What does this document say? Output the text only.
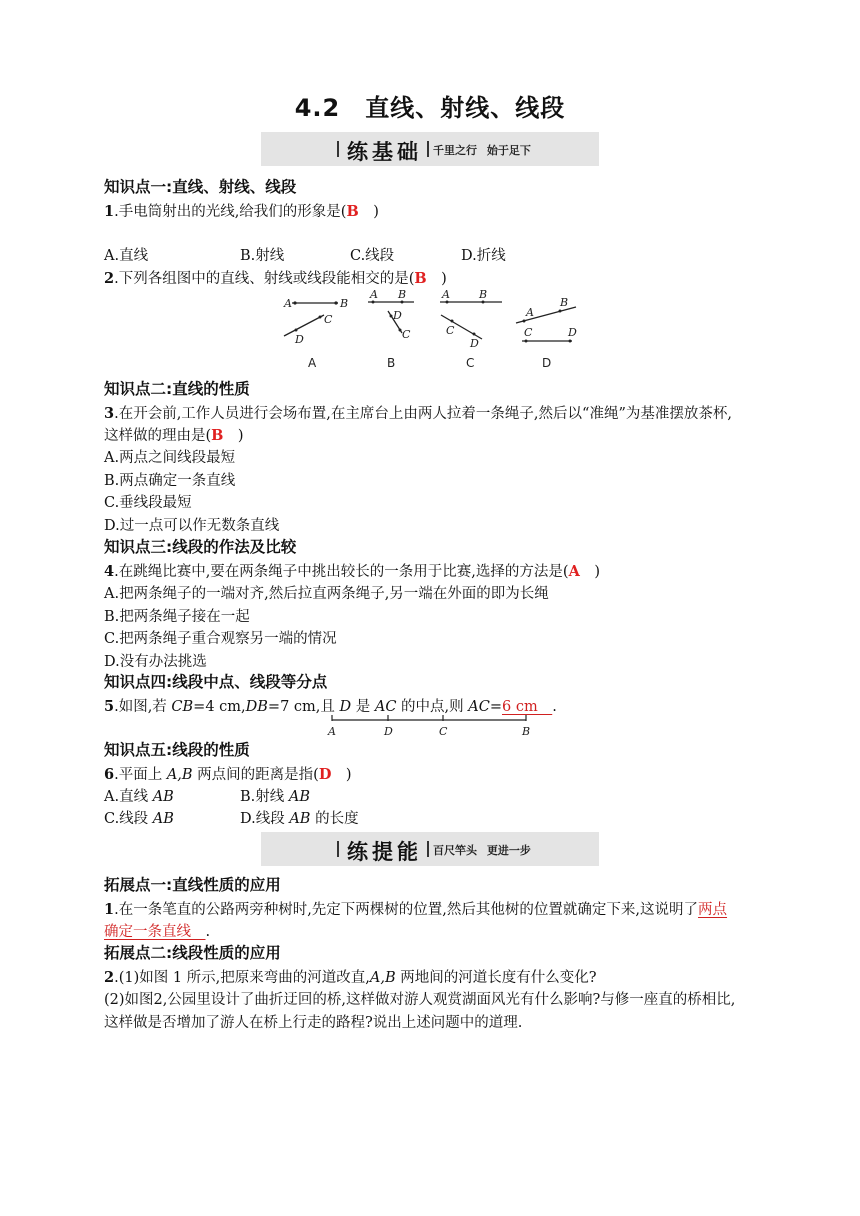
4.2　直线、射线、线段
练基础 千里之行 始于足下
知识点一:直线、射线、线段
1.手电筒射出的光线,给我们的形象是(B　)
A.直线	B.射线	C.线段	D.折线
2.下列各组图中的直线、射线或线段能相交的是(B　)
A	B
D
C
A B
D
C
A	B
C
D
A
B
C	D
A	B	C	D
知识点二:直线的性质
3.在开会前,工作人员进行会场布置,在主席台上由两人拉着一条绳子,然后以“准绳”为基准摆放茶杯,
这样做的理由是(B　)
A.两点之间线段最短
B.两点确定一条直线
C.垂线段最短
D.过一点可以作无数条直线
知识点三:线段的作法及比较
4.在跳绳比赛中,要在两条绳子中挑出较长的一条用于比赛,选择的方法是(A　)
A.把两条绳子的一端对齐,然后拉直两条绳子,另一端在外面的即为长绳
B.把两条绳子接在一起
C.把两条绳子重合观察另一端的情况
D.没有办法挑选
知识点四:线段中点、线段等分点
5.如图,若 CB=4 cm,DB=7 cm,且 D 是 AC 的中点,则 AC=6 cm　.
A	D	C	B
知识点五:线段的性质
6.平面上 A,B 两点间的距离是指(D　)
A.直线 AB	B.射线 AB
C.线段 AB	D.线段 AB 的长度
练提能 百尺竿头 更进一步
拓展点一:直线性质的应用
1.在一条笔直的公路两旁种树时,先定下两棵树的位置,然后其他树的位置就确定下来,这说明了两点
确定一条直线　.
拓展点二:线段性质的应用
2.(1)如图 1 所示,把原来弯曲的河道改直,A,B 两地间的河道长度有什么变化?
(2)如图2,公园里设计了曲折迂回的桥,这样做对游人观赏湖面风光有什么影响?与修一座直的桥相比,
这样做是否增加了游人在桥上行走的路程?说出上述问题中的道理.
